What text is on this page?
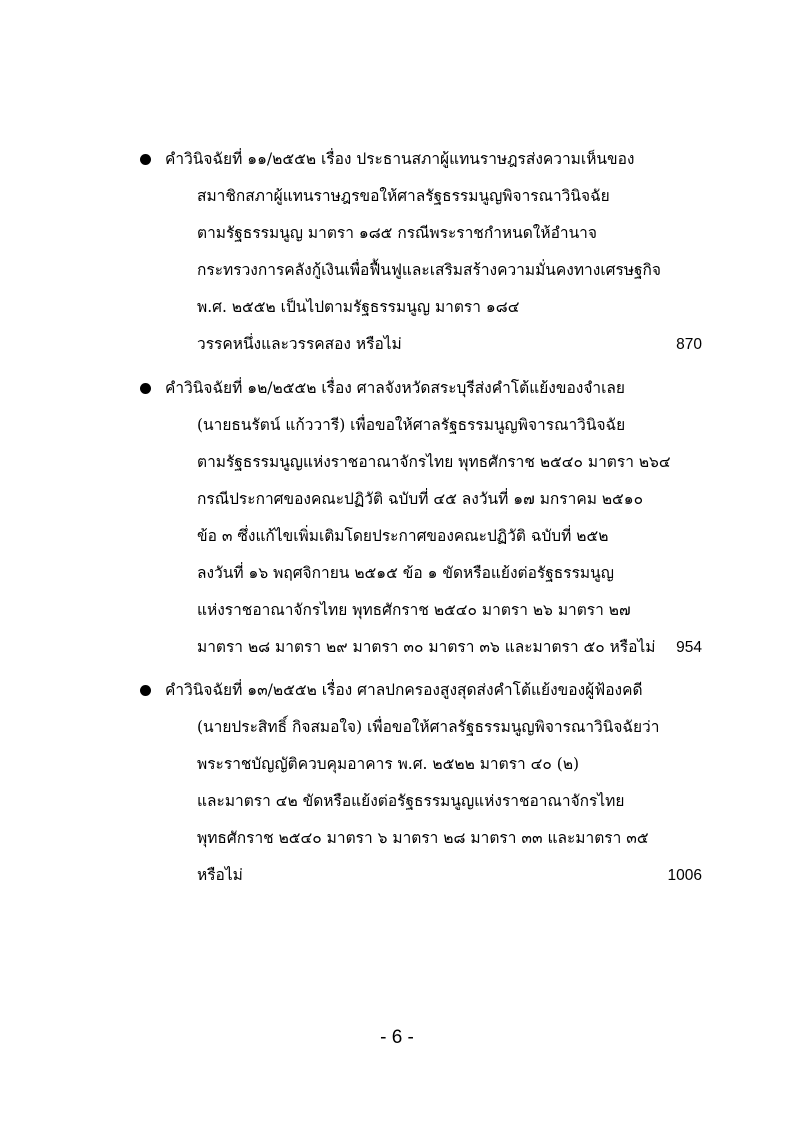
คำวินิจฉัยที่ ๑๑/๒๕๕๒ เรื่อง ประธานสภาผู้แทนราษฎรส่งความเห็นของ
สมาชิกสภาผู้แทนราษฎรขอให้ศาลรัฐธรรมนูญพิจารณาวินิจฉัย
ตามรัฐธรรมนูญ มาตรา ๑๘๕ กรณีพระราชกำหนดให้อำนาจ
กระทรวงการคลังกู้เงินเพื่อฟื้นฟูและเสริมสร้างความมั่นคงทางเศรษฐกิจ
พ.ศ. ๒๕๕๒ เป็นไปตามรัฐธรรมนูญ มาตรา ๑๘๔
วรรคหนึ่งและวรรคสอง หรือไม่	870
คำวินิจฉัยที่ ๑๒/๒๕๕๒ เรื่อง ศาลจังหวัดสระบุรีส่งคำโต้แย้งของจำเลย
(นายธนรัตน์ แก้ววารี) เพื่อขอให้ศาลรัฐธรรมนูญพิจารณาวินิจฉัย
ตามรัฐธรรมนูญแห่งราชอาณาจักรไทย พุทธศักราช ๒๕๔๐ มาตรา ๒๖๔
กรณีประกาศของคณะปฏิวัติ ฉบับที่ ๔๕ ลงวันที่ ๑๗ มกราคม ๒๕๑๐
ข้อ ๓ ซึ่งแก้ไขเพิ่มเติมโดยประกาศของคณะปฏิวัติ ฉบับที่ ๒๕๒
ลงวันที่ ๑๖ พฤศจิกายน ๒๕๑๕ ข้อ ๑ ขัดหรือแย้งต่อรัฐธรรมนูญ
แห่งราชอาณาจักรไทย พุทธศักราช ๒๕๔๐ มาตรา ๒๖ มาตรา ๒๗
มาตรา ๒๘ มาตรา ๒๙ มาตรา ๓๐ มาตรา ๓๖ และมาตรา ๕๐ หรือไม่ 954
คำวินิจฉัยที่ ๑๓/๒๕๕๒ เรื่อง ศาลปกครองสูงสุดส่งคำโต้แย้งของผู้ฟ้องคดี
(นายประสิทธิ์ กิจสมอใจ) เพื่อขอให้ศาลรัฐธรรมนูญพิจารณาวินิจฉัยว่า
พระราชบัญญัติควบคุมอาคาร พ.ศ. ๒๕๒๒ มาตรา ๔๐ (๒)
และมาตรา ๔๒ ขัดหรือแย้งต่อรัฐธรรมนูญแห่งราชอาณาจักรไทย
พุทธศักราช ๒๕๔๐ มาตรา ๖ มาตรา ๒๘ มาตรา ๓๓ และมาตรา ๓๕
หรือไม่	1006
- 6 -
